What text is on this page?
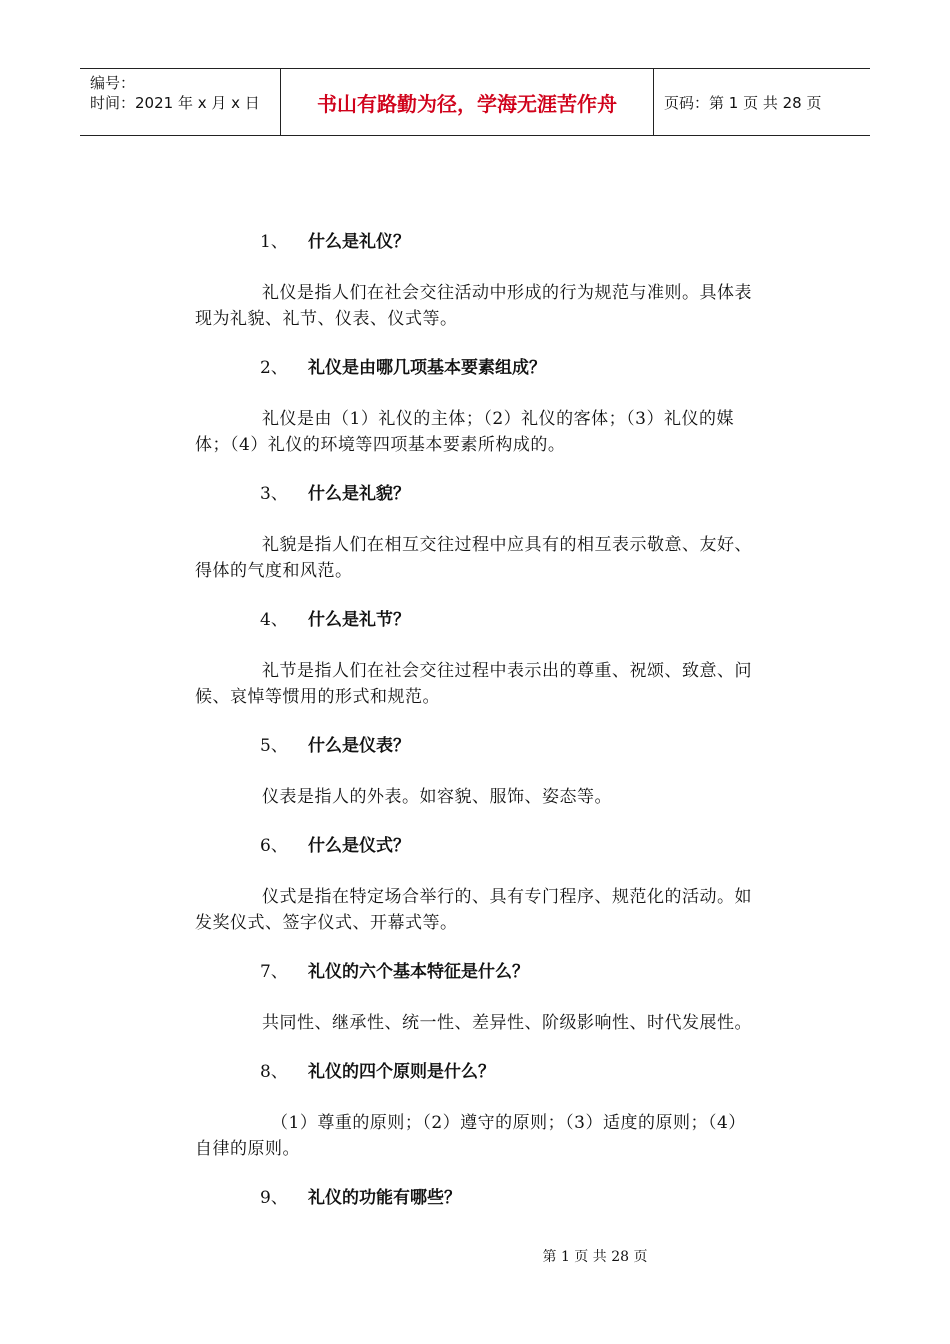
编号：
时间：2021 年 x 月 x 日	书山有路勤为径，学海无涯苦作舟	页码：第 1 页 共 28 页
1、	什么是礼仪？

礼仪是指人们在社会交往活动中形成的行为规范与准则。具体表现为礼貌、礼节、仪表、仪式等。

2、	礼仪是由哪几项基本要素组成？

礼仪是由（1）礼仪的主体；（2）礼仪的客体；（3）礼仪的媒体；（4）礼仪的环境等四项基本要素所构成的。

3、	什么是礼貌？

礼貌是指人们在相互交往过程中应具有的相互表示敬意、友好、得体的气度和风范。

4、	什么是礼节？

礼节是指人们在社会交往过程中表示出的尊重、祝颂、致意、问候、哀悼等惯用的形式和规范。

5、	什么是仪表？

仪表是指人的外表。如容貌、服饰、姿态等。

6、	什么是仪式？

仪式是指在特定场合举行的、具有专门程序、规范化的活动。如发奖仪式、签字仪式、开幕式等。

7、	礼仪的六个基本特征是什么？

共同性、继承性、统一性、差异性、阶级影响性、时代发展性。

8、	礼仪的四个原则是什么？

（1）尊重的原则；（2）遵守的原则；（3）适度的原则；（4）自律的原则。

9、	礼仪的功能有哪些？
第 1 页 共 28 页
